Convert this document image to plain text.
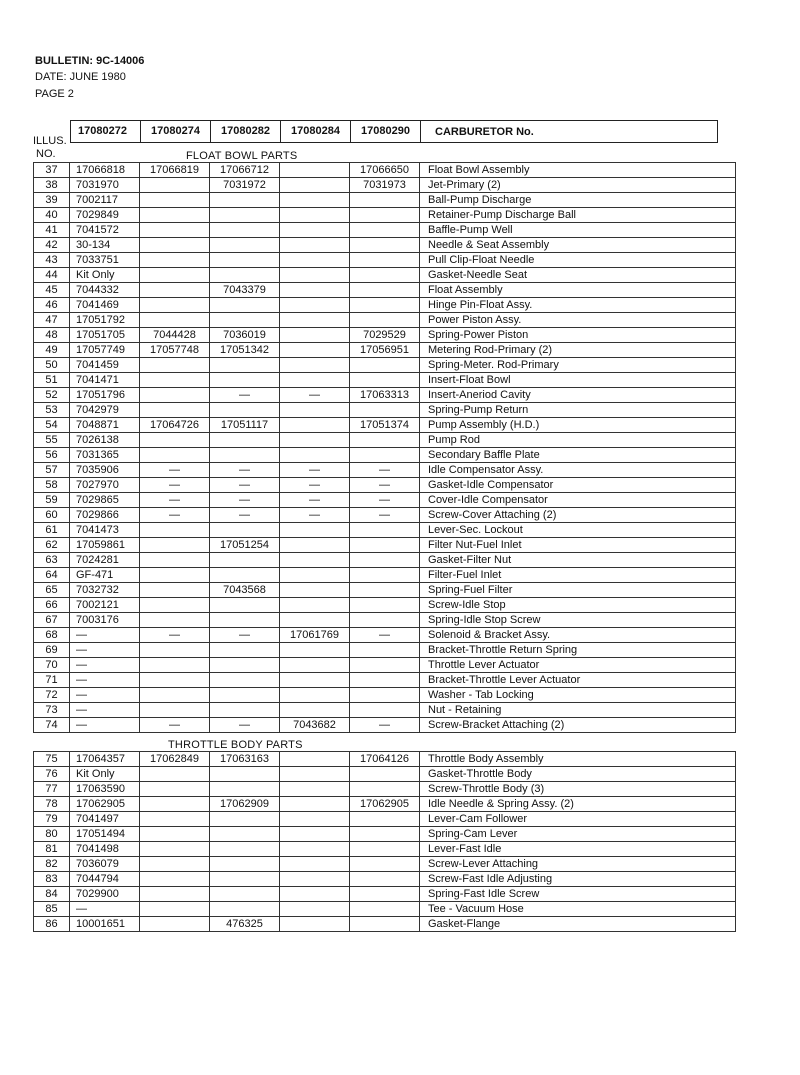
BULLETIN: 9C-14006
DATE: JUNE 1980
PAGE 2
17080272	17080274	17080282	17080284	17080290	CARBURETOR No.
ILLUS.
NO.	FLOAT BOWL PARTS
37	17066818	17066819	17066712		17066650	Float Bowl Assembly
38	7031970		7031972		7031973	Jet-Primary (2)
39	7002117					Ball-Pump Discharge
40	7029849					Retainer-Pump Discharge Ball
41	7041572					Baffle-Pump Well
42	30-134					Needle & Seat Assembly
43	7033751					Pull Clip-Float Needle
44	Kit Only					Gasket-Needle Seat
45	7044332		7043379			Float Assembly
46	7041469					Hinge Pin-Float Assy.
47	17051792					Power Piston Assy.
48	17051705	7044428	7036019		7029529	Spring-Power Piston
49	17057749	17057748	17051342		17056951	Metering Rod-Primary (2)
50	7041459					Spring-Meter. Rod-Primary
51	7041471					Insert-Float Bowl
52	17051796		—	—	17063313	Insert-Aneriod Cavity
53	7042979					Spring-Pump Return
54	7048871	17064726	17051117		17051374	Pump Assembly (H.D.)
55	7026138					Pump Rod
56	7031365					Secondary Baffle Plate
57	7035906	—	—	—	—	Idle Compensator Assy.
58	7027970	—	—	—	—	Gasket-Idle Compensator
59	7029865	—	—	—	—	Cover-Idle Compensator
60	7029866	—	—	—	—	Screw-Cover Attaching (2)
61	7041473					Lever-Sec. Lockout
62	17059861		17051254			Filter Nut-Fuel Inlet
63	7024281					Gasket-Filter Nut
64	GF-471					Filter-Fuel Inlet
65	7032732		7043568			Spring-Fuel Filter
66	7002121					Screw-Idle Stop
67	7003176					Spring-Idle Stop Screw
68	—	—	—	17061769	—	Solenoid & Bracket Assy.
69	—					Bracket-Throttle Return Spring
70	—					Throttle Lever Actuator
71	—					Bracket-Throttle Lever Actuator
72	—					Washer - Tab Locking
73	—					Nut - Retaining
74	—	—	—	7043682	—	Screw-Bracket Attaching (2)
THROTTLE BODY PARTS
75	17064357	17062849	17063163		17064126	Throttle Body Assembly
76	Kit Only					Gasket-Throttle Body
77	17063590					Screw-Throttle Body (3)
78	17062905		17062909		17062905	Idle Needle & Spring Assy. (2)
79	7041497					Lever-Cam Follower
80	17051494					Spring-Cam Lever
81	7041498					Lever-Fast Idle
82	7036079					Screw-Lever Attaching
83	7044794					Screw-Fast Idle Adjusting
84	7029900					Spring-Fast Idle Screw
85	—					Tee - Vacuum Hose
86	10001651		476325			Gasket-Flange
